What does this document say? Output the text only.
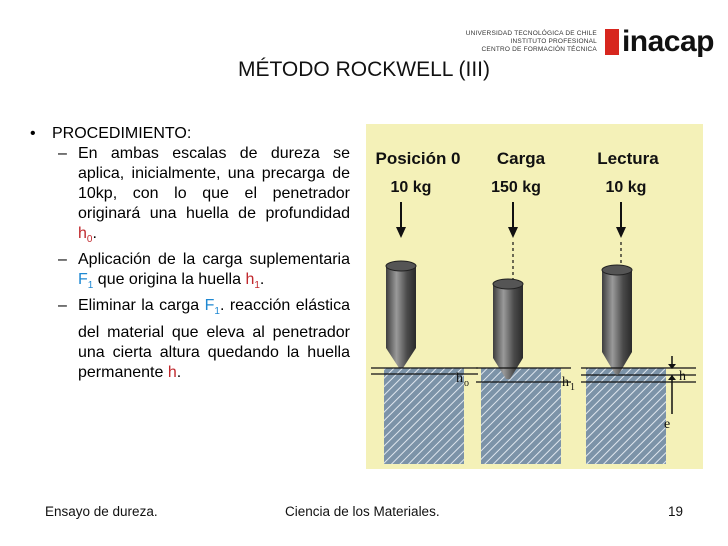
UNIVERSIDAD TECNOLÓGICA DE CHILE
INSTITUTO PROFESIONAL
CENTRO DE FORMACIÓN TÉCNICA inacap
MÉTODO ROCKWELL (III)
•	PROCEDIMIENTO:
– En ambas escalas de dureza se aplica, inicialmente, una precarga de 10kp, con lo que el penetrador originará una huella de profundidad $h_0$.
– Aplicación de la carga suplementaria $F_1$ que origina la huella $h_1$.
– Eliminar la carga $F_1$. reacción elástica del material que eleva al penetrador una cierta altura quedando la huella permanente h.
Posición 0
10 kg
h o
Carga
150 kg
h 1
Lectura
10 kg
h
e
Ensayo de dureza.	Ciencia de los Materiales.	19
